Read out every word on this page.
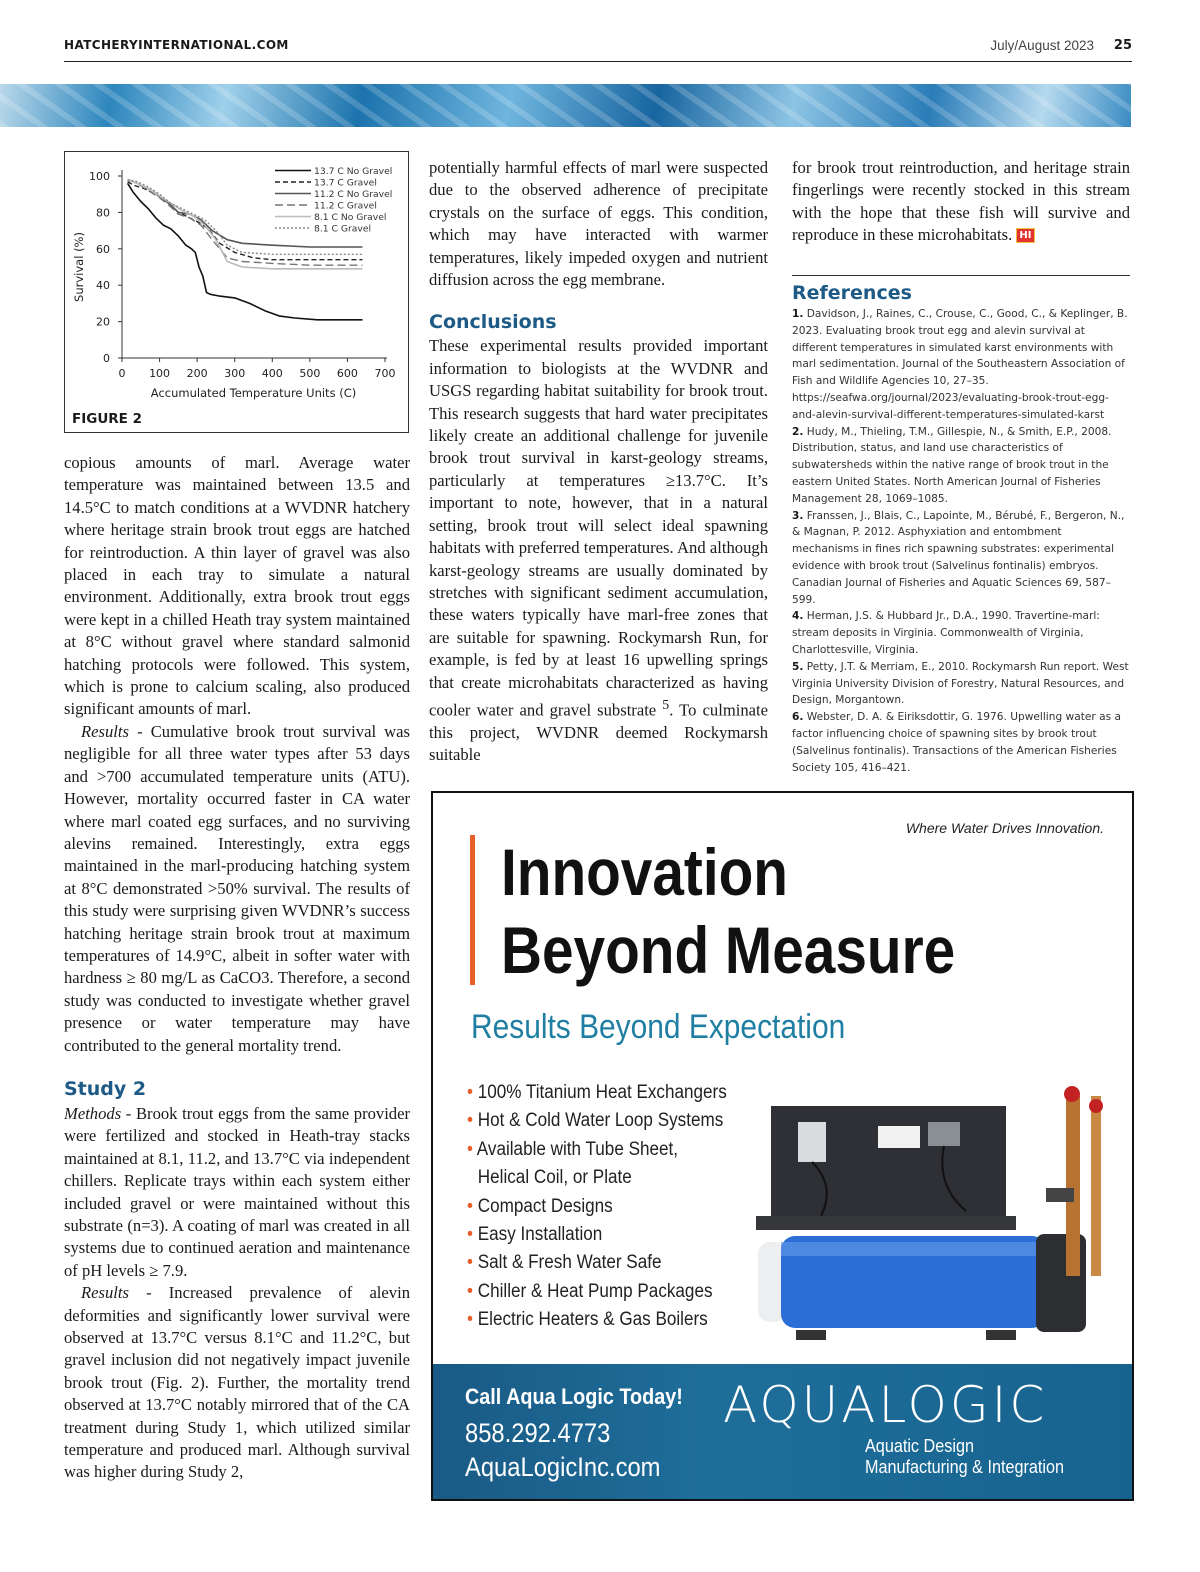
HATCHERYINTERNATIONAL.COM	July/August 2023 25
0
20
40
60
80
100
0 100 200 300 400 500 600 700
Accumulated Temperature Units (C)
Survival (%)
13.7 C No Gravel
13.7 C Gravel
11.2 C No Gravel
11.2 C Gravel
8.1 C No Gravel
8.1 C Gravel
FIGURE 2

copious amounts of marl. Average water temperature was maintained between 13.5 and 14.5°C to match conditions at a WVDNR hatchery where heritage strain brook trout eggs are hatched for reintroduction. A thin layer of gravel was also placed in each tray to simulate a natural environment. Additionally, extra brook trout eggs were kept in a chilled Heath tray system maintained at 8°C without gravel where standard salmonid hatching protocols were followed. This system, which is prone to calcium scaling, also produced significant amounts of marl.

Results - Cumulative brook trout survival was negligible for all three water types after 53 days and >700 accumulated temperature units (ATU). However, mortality occurred faster in CA water where marl coated egg surfaces, and no surviving alevins remained. Interestingly, extra eggs maintained in the marl-producing hatching system at 8°C demonstrated >50% survival. The results of this study were surprising given WVDNR’s success hatching heritage strain brook trout at maximum temperatures of 14.9°C, albeit in softer water with hardness ≥ 80 mg/L as CaCO3. Therefore, a second study was conducted to investigate whether gravel presence or water temperature may have contributed to the general mortality trend.

Study 2

Methods - Brook trout eggs from the same provider were fertilized and stocked in Heath-tray stacks maintained at 8.1, 11.2, and 13.7°C via independent chillers. Replicate trays within each system either included gravel or were maintained without this substrate (n=3). A coating of marl was created in all systems due to continued aeration and maintenance of pH levels ≥ 7.9.

Results - Increased prevalence of alevin deformities and significantly lower survival were observed at 13.7°C versus 8.1°C and 11.2°C, but gravel inclusion did not negatively impact juvenile brook trout (Fig. 2). Further, the mortality trend observed at 13.7°C notably mirrored that of the CA treatment during Study 1, which utilized similar temperature and produced marl. Although survival was higher during Study 2,

potentially harmful effects of marl were suspected due to the observed adherence of precipitate crystals on the surface of eggs. This condition, which may have interacted with warmer temperatures, likely impeded oxygen and nutrient diffusion across the egg membrane.

Conclusions

These experimental results provided important information to biologists at the WVDNR and USGS regarding habitat suitability for brook trout. This research suggests that hard water precipitates likely create an additional challenge for juvenile brook trout survival in karst-geology streams, particularly at temperatures ≥13.7°C. It’s important to note, however, that in a natural setting, brook trout will select ideal spawning habitats with preferred temperatures. And although karst-geology streams are usually dominated by stretches with significant sediment accumulation, these waters typically have marl-free zones that are suitable for spawning. Rockymarsh Run, for example, is fed by at least 16 upwelling springs that create microhabitats characterized as having cooler water and gravel substrate $^5$. To culminate this project, WVDNR deemed Rockymarsh suitable

for brook trout reintroduction, and heritage strain fingerlings were recently stocked in this stream with the hope that these fish will survive and reproduce in these microhabitats. HI

References

1. Davidson, J., Raines, C., Crouse, C., Good, C., & Keplinger, B. 2023. Evaluating brook trout egg and alevin survival at different temperatures in simulated karst environments with marl sedimentation. Journal of the Southeastern Association of Fish and Wildlife Agencies 10, 27–35. https://seafwa.org/journal/2023/evaluating-brook-trout-egg-and-alevin-survival-different-temperatures-simulated-karst

2. Hudy, M., Thieling, T.M., Gillespie, N., & Smith, E.P., 2008. Distribution, status, and land use characteristics of subwatersheds within the native range of brook trout in the eastern United States. North American Journal of Fisheries Management 28, 1069–1085.

3. Franssen, J., Blais, C., Lapointe, M., Bérubé, F., Bergeron, N., & Magnan, P. 2012. Asphyxiation and entombment mechanisms in fines rich spawning substrates: experimental evidence with brook trout (Salvelinus fontinalis) embryos. Canadian Journal of Fisheries and Aquatic Sciences 69, 587–599.

4. Herman, J.S. & Hubbard Jr., D.A., 1990. Travertine-marl: stream deposits in Virginia. Commonwealth of Virginia, Charlottesville, Virginia.

5. Petty, J.T. & Merriam, E., 2010. Rockymarsh Run report. West Virginia University Division of Forestry, Natural Resources, and Design, Morgantown.

6. Webster, D. A. & Eiriksdottir, G. 1976. Upwelling water as a factor influencing choice of spawning sites by brook trout (Salvelinus fontinalis). Transactions of the American Fisheries Society 105, 416–421.

Where Water Drives Innovation.
Innovation
Beyond Measure
Results Beyond Expectation
• 100% Titanium Heat Exchangers
• Hot & Cold Water Loop Systems
• Available with Tube Sheet,
Helical Coil, or Plate
• Compact Designs
• Easy Installation
• Salt & Fresh Water Safe
• Chiller & Heat Pump Packages
• Electric Heaters & Gas Boilers
Call Aqua Logic Today!
858.292.4773
AquaLogicInc.com
AQUALOGIC
Aquatic Design
Manufacturing & Integration
